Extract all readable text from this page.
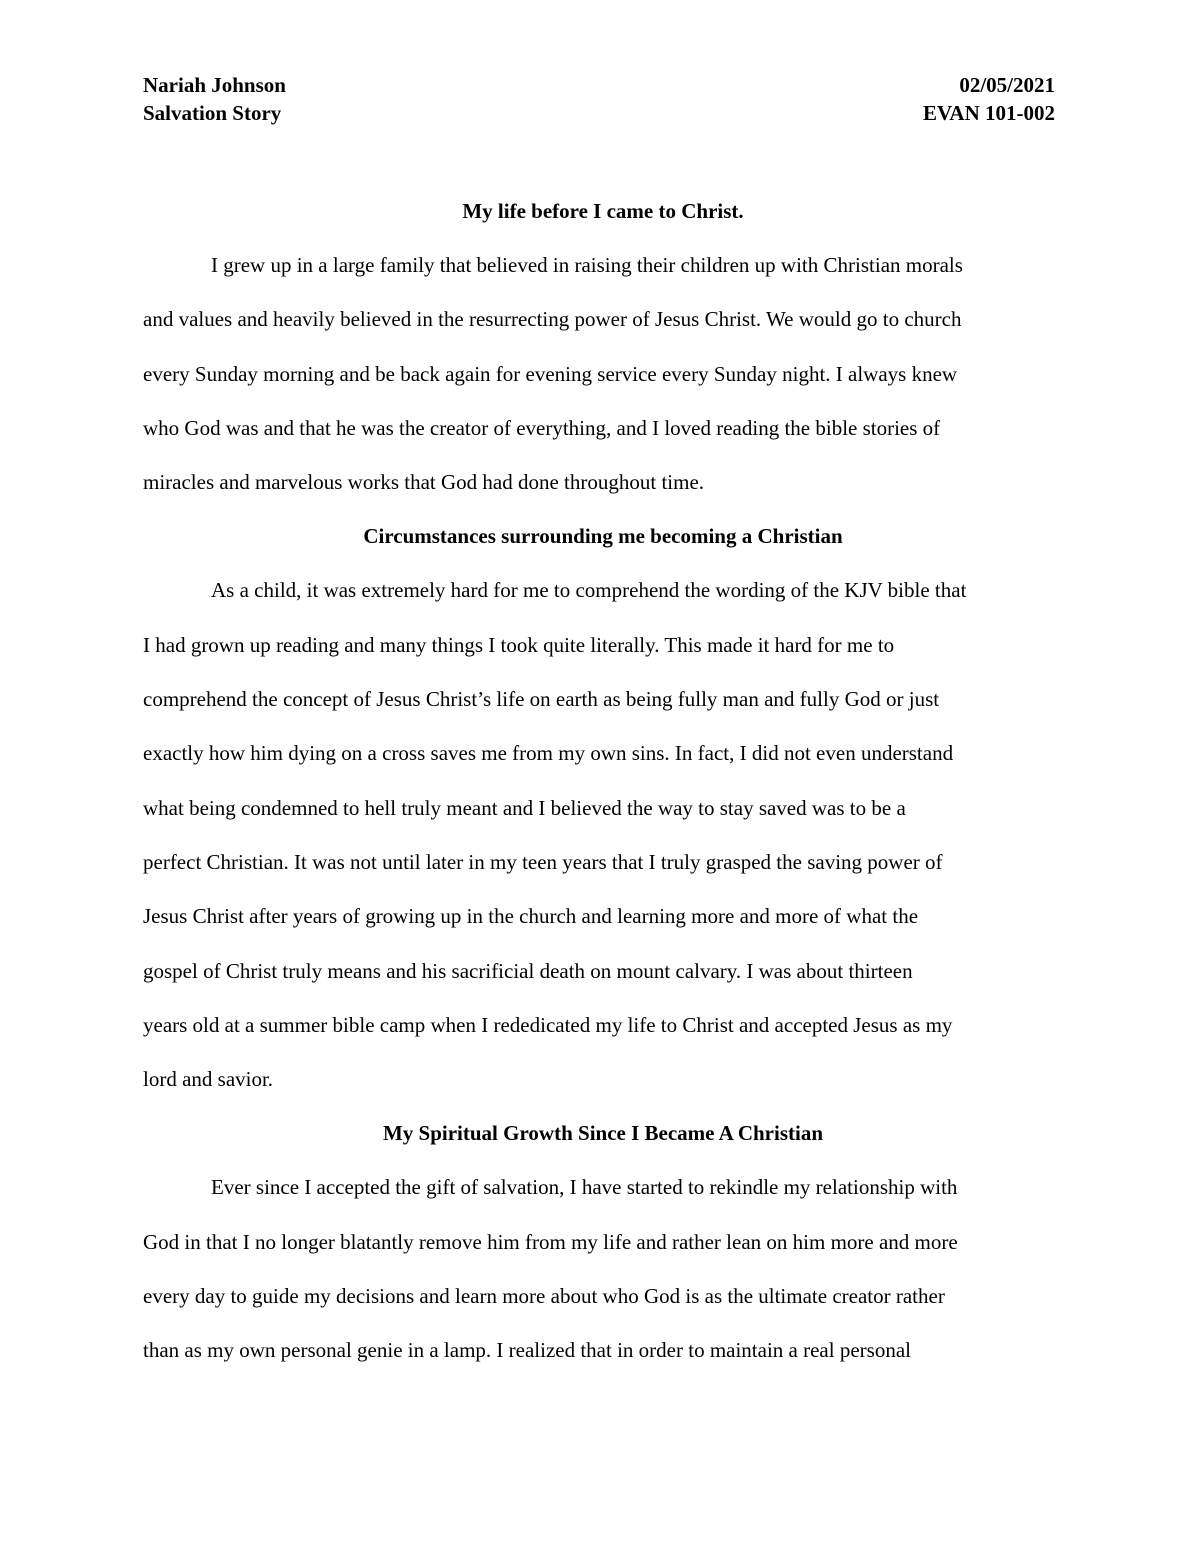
Nariah Johnson	02/05/2021
Salvation Story	EVAN 101-002
My life before I came to Christ.
I grew up in a large family that believed in raising their children up with Christian morals
and values and heavily believed in the resurrecting power of Jesus Christ. We would go to church
every Sunday morning and be back again for evening service every Sunday night. I always knew
who God was and that he was the creator of everything, and I loved reading the bible stories of
miracles and marvelous works that God had done throughout time.
Circumstances surrounding me becoming a Christian
As a child, it was extremely hard for me to comprehend the wording of the KJV bible that
I had grown up reading and many things I took quite literally. This made it hard for me to
comprehend the concept of Jesus Christ’s life on earth as being fully man and fully God or just
exactly how him dying on a cross saves me from my own sins. In fact, I did not even understand
what being condemned to hell truly meant and I believed the way to stay saved was to be a
perfect Christian. It was not until later in my teen years that I truly grasped the saving power of
Jesus Christ after years of growing up in the church and learning more and more of what the
gospel of Christ truly means and his sacrificial death on mount calvary. I was about thirteen
years old at a summer bible camp when I rededicated my life to Christ and accepted Jesus as my
lord and savior.
My Spiritual Growth Since I Became A Christian
Ever since I accepted the gift of salvation, I have started to rekindle my relationship with
God in that I no longer blatantly remove him from my life and rather lean on him more and more
every day to guide my decisions and learn more about who God is as the ultimate creator rather
than as my own personal genie in a lamp. I realized that in order to maintain a real personal
